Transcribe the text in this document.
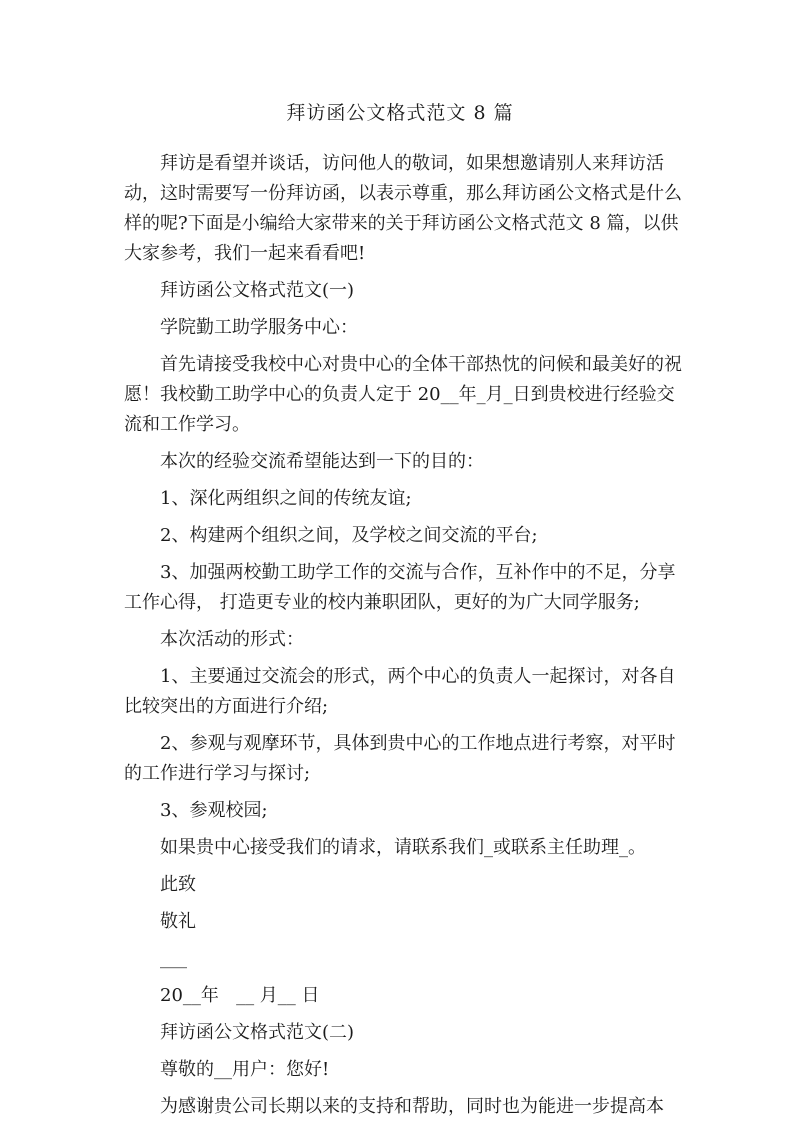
拜访函公文格式范文 8 篇

拜访是看望并谈话，访问他人的敬词，如果想邀请别人来拜访活动，这时需要写一份拜访函，以表示尊重，那么拜访函公文格式是什么样的呢?下面是小编给大家带来的关于拜访函公文格式范文 8 篇，以供大家参考，我们一起来看看吧!

拜访函公文格式范文(一)

学院勤工助学服务中心：

首先请接受我校中心对贵中心的全体干部热忱的问候和最美好的祝愿！我校勤工助学中心的负责人定于 20__年_月_日到贵校进行经验交流和工作学习。

本次的经验交流希望能达到一下的目的：

1、深化两组织之间的传统友谊;

2、构建两个组织之间，及学校之间交流的平台;

3、加强两校勤工助学工作的交流与合作，互补作中的不足，分享工作心得， 打造更专业的校内兼职团队，更好的为广大同学服务;

本次活动的形式：

1、主要通过交流会的形式，两个中心的负责人一起探讨，对各自比较突出的方面进行介绍;

2、参观与观摩环节，具体到贵中心的工作地点进行考察，对平时的工作进行学习与探讨;

3、参观校园;

如果贵中心接受我们的请求，请联系我们_或联系主任助理_。

此致

敬礼

___

20__年   __ 月__ 日

拜访函公文格式范文(二)

尊敬的__用户：您好!

为感谢贵公司长期以来的支持和帮助，同时也为能进一步提高本
